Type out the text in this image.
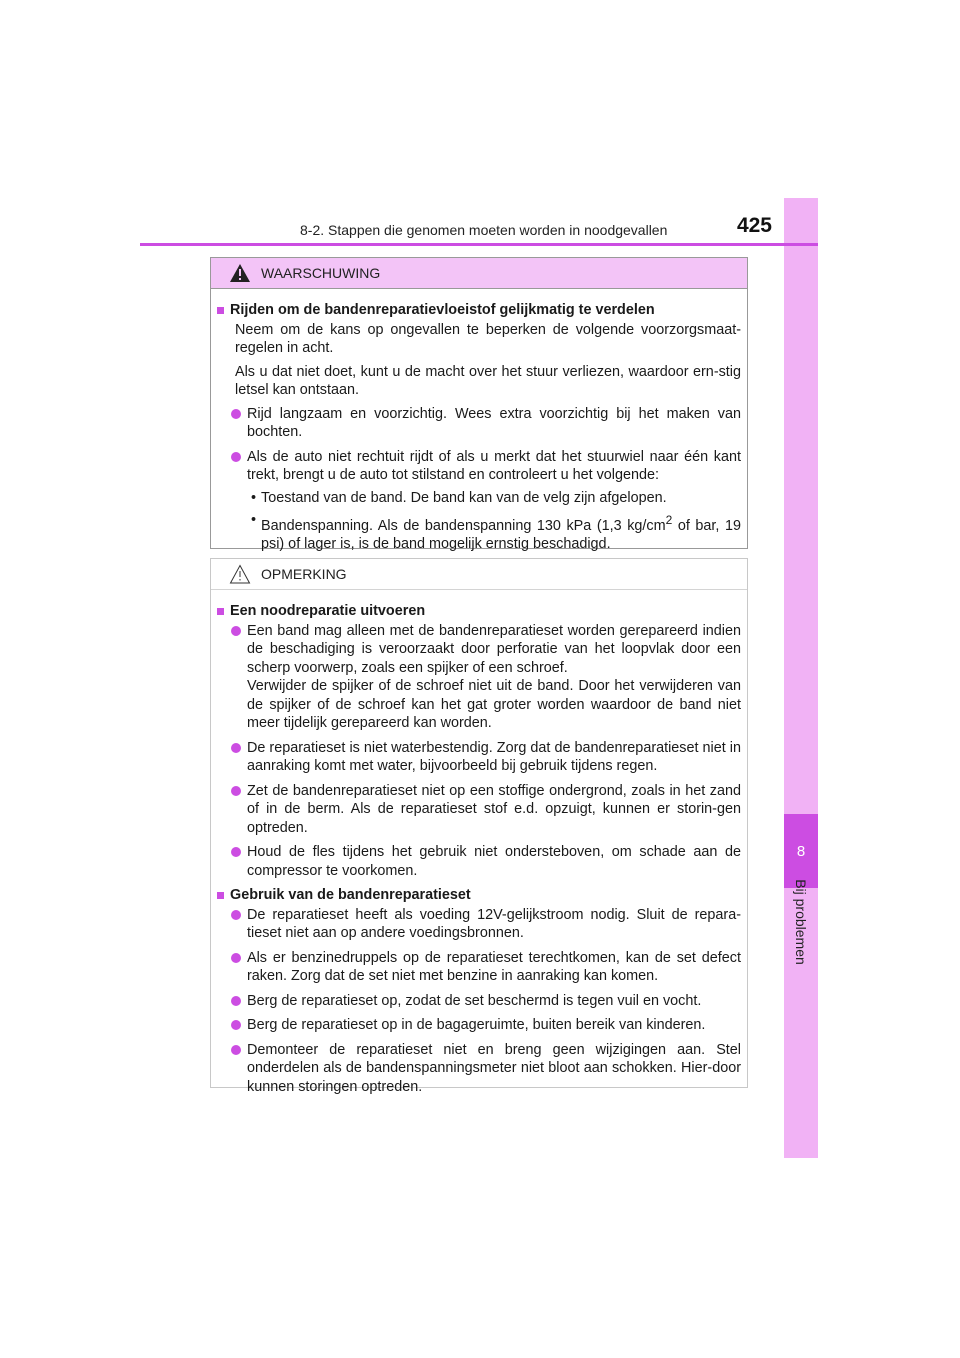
8
Bij problemen
8-2. Stappen die genomen moeten worden in noodgevallen	425
WAARSCHUWING
Rijden om de bandenreparatievloeistof gelijkmatig te verdelen
Neem om de kans op ongevallen te beperken de volgende voorzorgsmaat-regelen in acht.
Als u dat niet doet, kunt u de macht over het stuur verliezen, waardoor ern-stig letsel kan ontstaan.
Rijd langzaam en voorzichtig. Wees extra voorzichtig bij het maken van bochten.
Als de auto niet rechtuit rijdt of als u merkt dat het stuurwiel naar één kant trekt, brengt u de auto tot stilstand en controleert u het volgende:
• Toestand van de band. De band kan van de velg zijn afgelopen.
• Bandenspanning. Als de bandenspanning 130 kPa (1,3 $kg/cm^2$ of bar, 19 psi) of lager is, is de band mogelijk ernstig beschadigd.
OPMERKING
Een noodreparatie uitvoeren
Een band mag alleen met de bandenreparatieset worden gerepareerd indien de beschadiging is veroorzaakt door perforatie van het loopvlak door een scherp voorwerp, zoals een spijker of een schroef.
Verwijder de spijker of de schroef niet uit de band. Door het verwijderen van de spijker of de schroef kan het gat groter worden waardoor de band niet meer tijdelijk gerepareerd kan worden.
De reparatieset is niet waterbestendig. Zorg dat de bandenreparatieset niet in aanraking komt met water, bijvoorbeeld bij gebruik tijdens regen.
Zet de bandenreparatieset niet op een stoffige ondergrond, zoals in het zand of in de berm. Als de reparatieset stof e.d. opzuigt, kunnen er storin-gen optreden.
Houd de fles tijdens het gebruik niet ondersteboven, om schade aan de compressor te voorkomen.
Gebruik van de bandenreparatieset
De reparatieset heeft als voeding 12V-gelijkstroom nodig. Sluit de repara-tieset niet aan op andere voedingsbronnen.
Als er benzinedruppels op de reparatieset terechtkomen, kan de set defect raken. Zorg dat de set niet met benzine in aanraking kan komen.
Berg de reparatieset op, zodat de set beschermd is tegen vuil en vocht.
Berg de reparatieset op in de bagageruimte, buiten bereik van kinderen.
Demonteer de reparatieset niet en breng geen wijzigingen aan. Stel onderdelen als de bandenspanningsmeter niet bloot aan schokken. Hier-door kunnen storingen optreden.
